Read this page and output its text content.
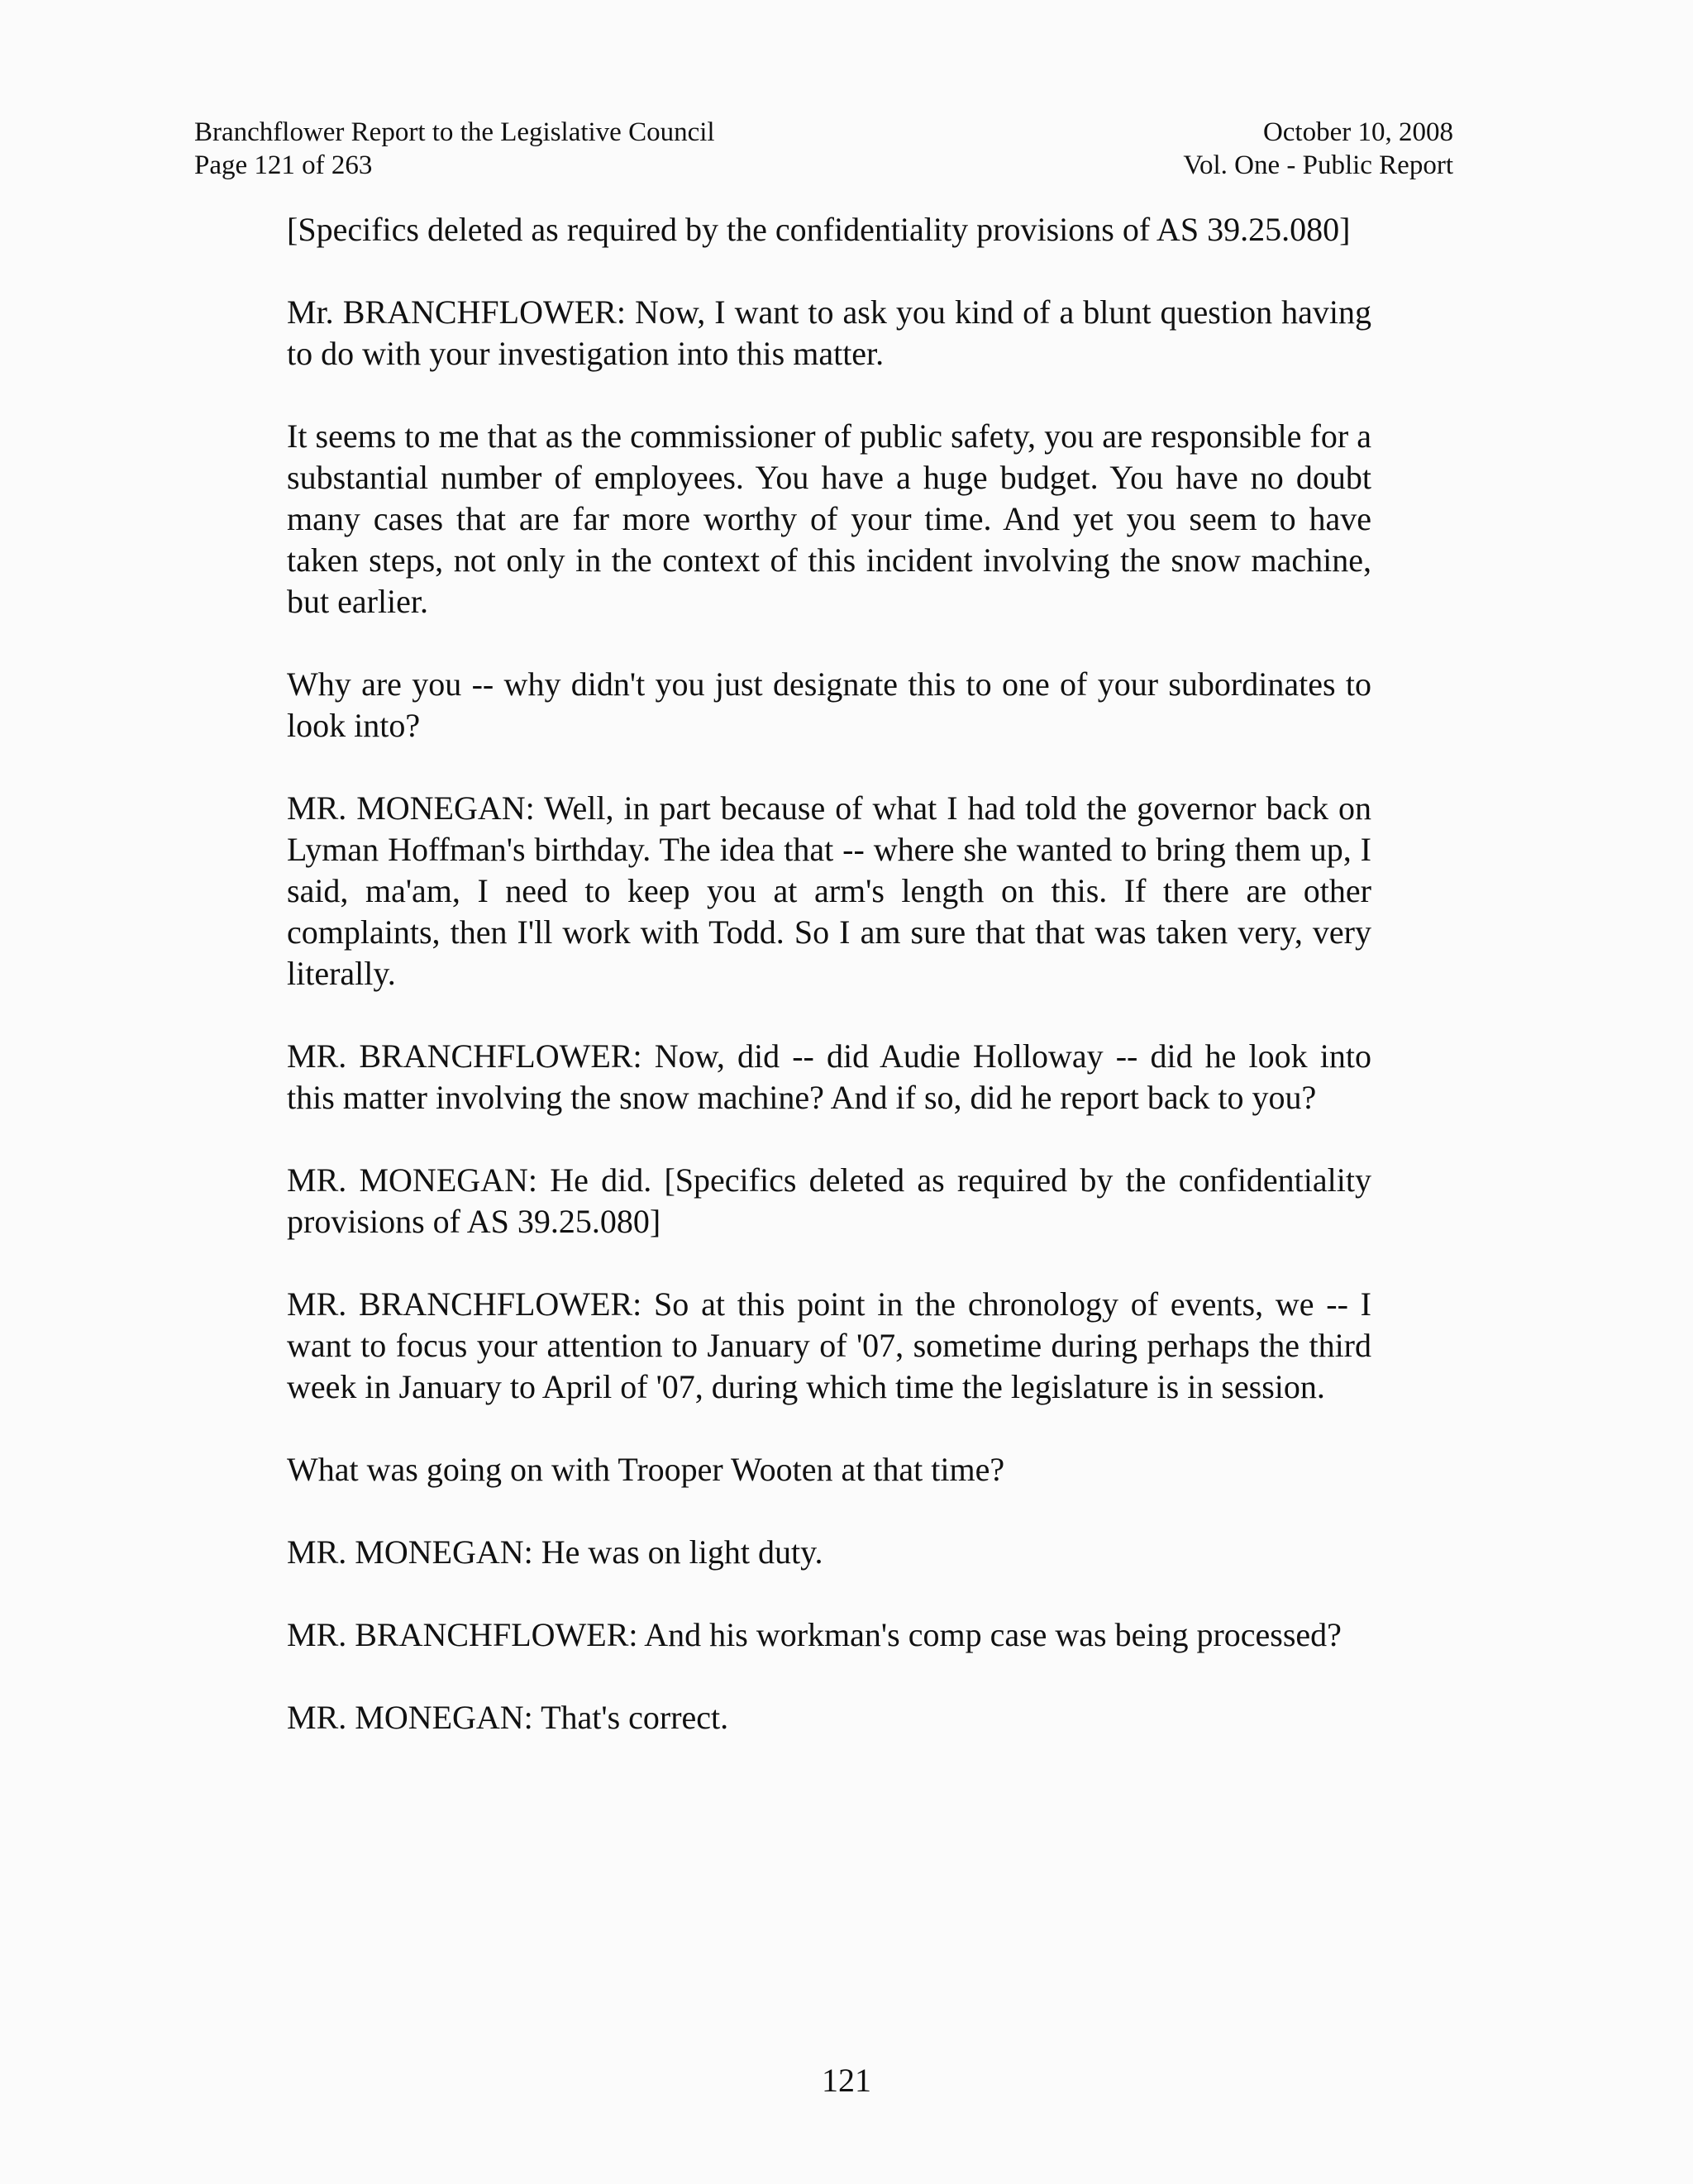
Branchflower Report to the Legislative Council
Page 121 of 263
October 10, 2008
Vol. One - Public Report

[Specifics deleted as required by the confidentiality provisions of AS 39.25.080]

Mr. BRANCHFLOWER: Now, I want to ask you kind of a blunt question having to do with your investigation into this matter.

It seems to me that as the commissioner of public safety, you are responsible for a substantial number of employees. You have a huge budget. You have no doubt many cases that are far more worthy of your time. And yet you seem to have taken steps, not only in the context of this incident involving the snow machine, but earlier.

Why are you -- why didn't you just designate this to one of your subordinates to look into?

MR. MONEGAN: Well, in part because of what I had told the governor back on Lyman Hoffman's birthday. The idea that -- where she wanted to bring them up, I said, ma'am, I need to keep you at arm's length on this. If there are other complaints, then I'll work with Todd. So I am sure that that was taken very, very literally.

MR. BRANCHFLOWER: Now, did -- did Audie Holloway -- did he look into this matter involving the snow machine? And if so, did he report back to you?

MR. MONEGAN: He did. [Specifics deleted as required by the confidentiality provisions of AS 39.25.080]

MR. BRANCHFLOWER: So at this point in the chronology of events, we -- I want to focus your attention to January of '07, sometime during perhaps the third week in January to April of '07, during which time the legislature is in session.

What was going on with Trooper Wooten at that time?

MR. MONEGAN: He was on light duty.

MR. BRANCHFLOWER: And his workman's comp case was being processed?

MR. MONEGAN: That's correct.

121
